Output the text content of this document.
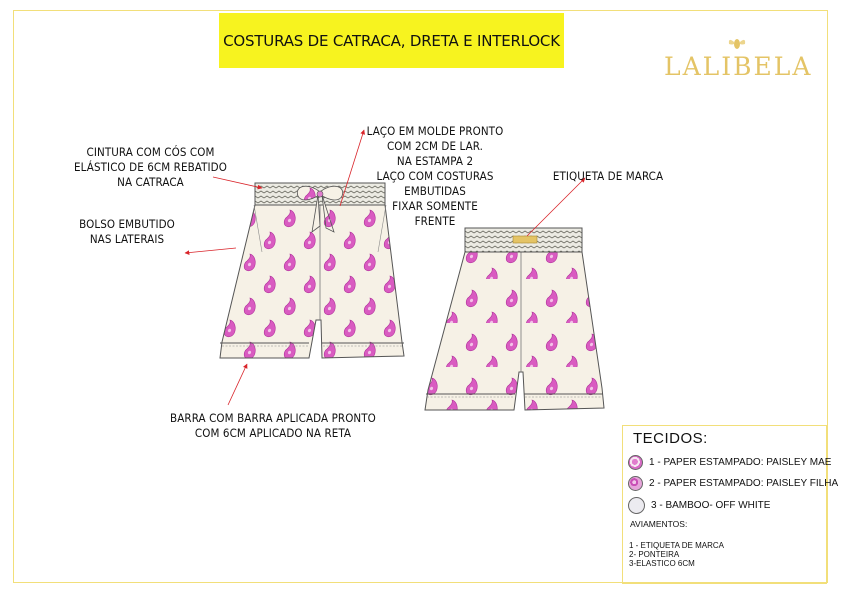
COSTURAS DE CATRACA, DRETA E INTERLOCK
LALIBELA
CINTURA COM CÓS COM
ELÁSTICO DE 6CM REBATIDO
NA CATRACA
BOLSO EMBUTIDO
NAS LATERAIS
LAÇO EM MOLDE PRONTO
COM 2CM DE LAR.
NA ESTAMPA 2
LAÇO COM COSTURAS
EMBUTIDAS
FIXAR SOMENTE
FRENTE
ETIQUETA DE MARCA
BARRA COM BARRA APLICADA PRONTO
COM 6CM APLICADO NA RETA	TECIDOS:
1 - PAPER ESTAMPADO: PAISLEY MAE
2 - PAPER ESTAMPADO: PAISLEY FILHA
3 - BAMBOO- OFF WHITE
AVIAMENTOS:
1 - ETIQUETA DE MARCA
2- PONTEIRA
3-ELASTICO 6CM
